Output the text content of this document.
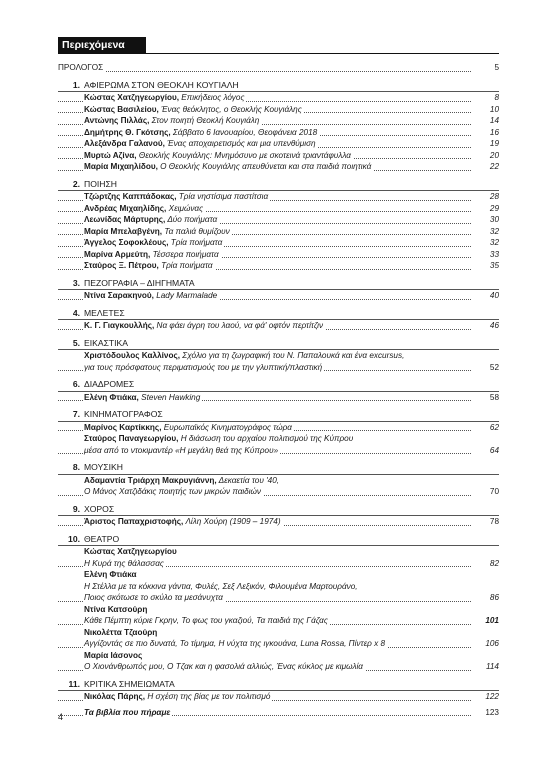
Περιεχόμενα
ΠΡΟΛΟΓΟΣ	5
1. ΑΦΙΕΡΩΜΑ ΣΤΟΝ ΘΕΟΚΛΗ ΚΟΥΓΙΑΛΗ
Κώστας Χατζηγεωργίου, Επικήδειος λόγος	8
Κώστας Βασιλείου, Ένας θεόκλητος, ο Θεοκλής Κουγιάλης	10
Αντώνης Πιλλάς, Στον ποιητή Θεοκλή Κουγιάλη	14
Δημήτρης Θ. Γκότσης, Σάββατο 6 Ιανουαρίου, Θεοφάνεια 2018	16
Αλεξάνδρα Γαλανού, Ένας αποχαιρετισμός και μια υπενθύμιση	19
Μυρτώ Αζίνα, Θεοκλής Κουγιάλης: Μνημόσυνο με σκοτεινά τριαντάφυλλα	20
Μαρία Μιχαηλίδου, Ο Θεοκλής Κουγιάλης απευθύνεται και στα παιδιά ποιητικά	22
2. ΠΟΙΗΣΗ
Τζώρτζης Καππάδοκας, Τρία νηστίσιμα παστίτσια	28
Ανδρέας Μιχαηλίδης, Χειμώνας	29
Λεωνίδας Μάρτυρης, Δύο ποιήματα	30
Μαρία Μπελαβγένη, Τα παλιά θυμίζουν	32
Άγγελος Σοφοκλέους, Τρία ποιήματα	32
Μαρίνα Αρμεύτη, Τέσσερα ποιήματα	33
Σταύρος Ξ. Πέτρου, Τρία ποιήματα	35
3. ΠΕΖΟΓΡΑΦΙΑ – ΔΙΗΓΗΜΑΤΑ
Ντίνα Σαρακηνού, Lady Marmalade	40
4. ΜΕΛΕΤΕΣ
Κ. Γ. Γιαγκουλλής, Να φάει άγρη του λαού, να φά' οφτόν περτίτζιν	46
5. ΕΙΚΑΣΤΙΚΑ
Χριστόδουλος Καλλίνος, Σχόλιο για τη ζωγραφική του Ν. Παπαλουκά και ένα excursus,
για τους πρόσφατους περιματισμούς του με την γλυπτική/πλαστική	52
6. ΔΙΑΔΡΟΜΕΣ
Ελένη Φτιάκα, Steven Hawking	58
7. ΚΙΝΗΜΑΤΟΓΡΑΦΟΣ
Μαρίνος Καρτίκκης, Ευρωπαϊκός Κινηματογράφος τώρα	62
Σταύρος Παναγεωργίου, Η διάσωση του αρχαίου πολιτισμού της Κύπρου
μέσα από το ντοκιμαντέρ «Η μεγάλη θεά της Κύπρου»	64
8. ΜΟΥΣΙΚΗ
Αδαμαντία Τριάρχη Μακρυγιάννη, Δεκαετία του '40,
Ο Μάνος Χατζιδάκις ποιητής των μικρών παιδιών	70
9. ΧΟΡΟΣ
Άριστος Παπαχριστοφής, Λίλη Χούρη (1909 – 1974)	78
10. ΘΕΑΤΡΟ
Κώστας Χατζηγεωργίου
Η Κυρά της θάλασσας	82
Ελένη Φτιάκα
Η Στέλλα με τα κόκκινα γάντια, Φυλές, Σεξ Λεξικόν, Φιλουμένα Μαρτουράνο,
Ποιος σκότωσε το σκύλο τα μεσάνυχτα	86
Ντίνα Κατσούρη
Κάθε Πέμπτη κύριε Γκρην, Το φως του γκαζιού, Τα παιδιά της Γάζας	101
Νικολέττα Τζαούρη
Αγγίζοντάς σε πιο δυνατά, Το τίμημα, Η νύχτα της ιγκουάνα, Luna Rossa, Πίντερ x 8	106
Μαρία Ιάσονος
Ο Χιονάνθρωπός μου, Ο Τζακ και η φασολιά αλλιώς, Ένας κύκλος με κιμωλία	114
11. ΚΡΙΤΙΚΑ ΣΗΜΕΙΩΜΑΤΑ
Νικόλας Πάρης, Η σχέση της βίας με τον πολιτισμό	122
Τα βιβλία που πήραμε	123
4
